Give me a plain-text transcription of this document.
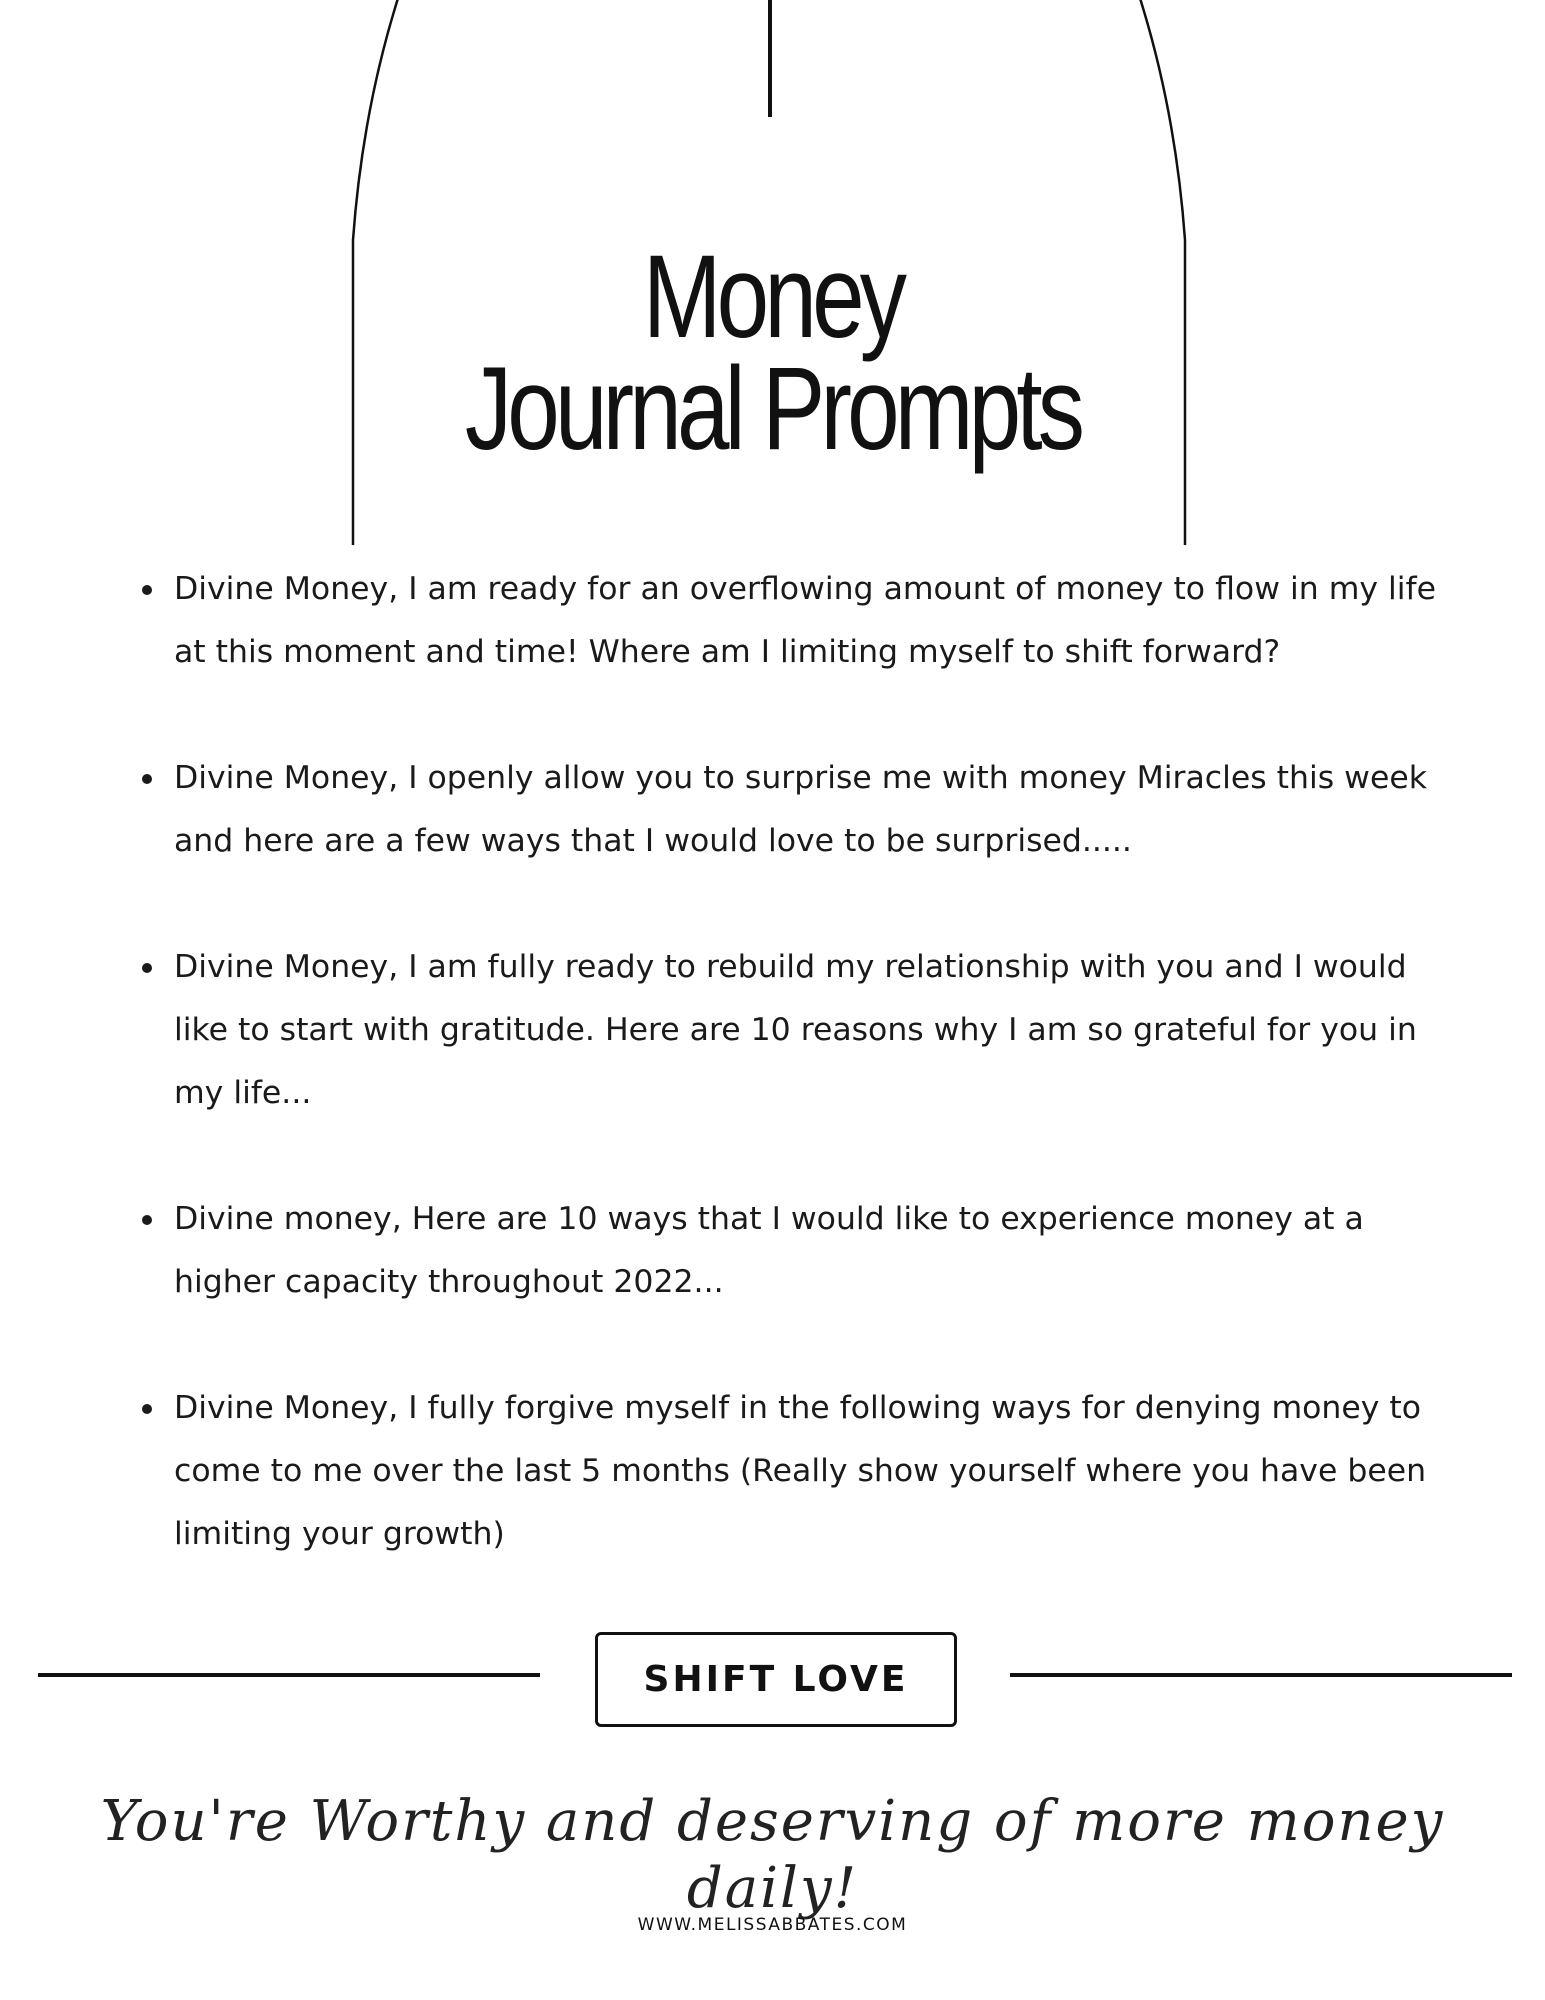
Money
Journal Prompts
Divine Money, I am ready for an overflowing amount of money to flow in my life at this moment and time! Where am I limiting myself to shift forward?
Divine Money, I openly allow you to surprise me with money Miracles this week and here are a few ways that I would love to be surprised.....
Divine Money, I am fully ready to rebuild my relationship with you and I would like to start with gratitude. Here are 10 reasons why I am so grateful for you in my life...
Divine money, Here are 10 ways that I would like to experience money at a higher capacity throughout 2022...
Divine Money, I fully forgive myself in the following ways for denying money to come to me over the last 5 months (Really show yourself where you have been limiting your growth)
SHIFT LOVE

You're Worthy and deserving of more money daily!

WWW.MELISSABBATES.COM
